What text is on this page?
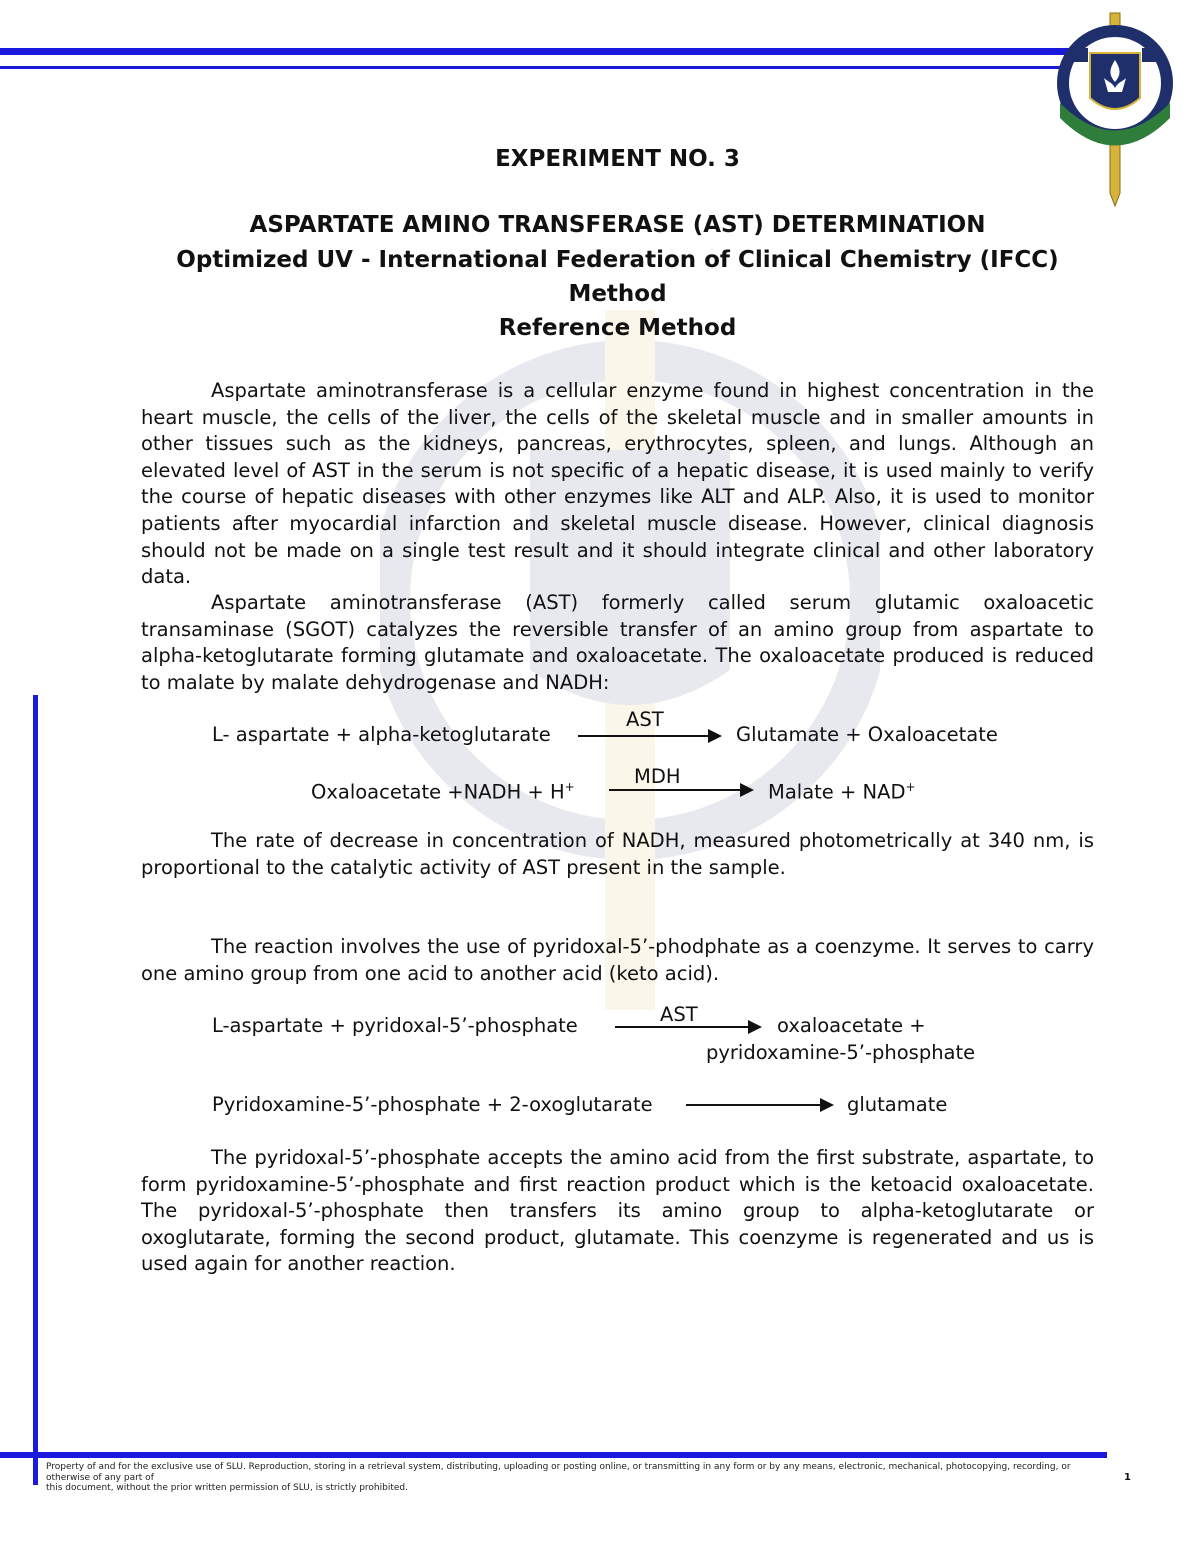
EXPERIMENT NO. 3
ASPARTATE AMINO TRANSFERASE (AST) DETERMINATION
Optimized UV - International Federation of Clinical Chemistry (IFCC)
Method
Reference Method

Aspartate aminotransferase is a cellular enzyme found in highest concentration in the heart muscle, the cells of the liver, the cells of the skeletal muscle and in smaller amounts in other tissues such as the kidneys, pancreas, erythrocytes, spleen, and lungs. Although an elevated level of AST in the serum is not specific of a hepatic disease, it is used mainly to verify the course of hepatic diseases with other enzymes like ALT and ALP. Also, it is used to monitor patients after myocardial infarction and skeletal muscle disease. However, clinical diagnosis should not be made on a single test result and it should integrate clinical and other laboratory data.

Aspartate aminotransferase (AST) formerly called serum glutamic oxaloacetic transaminase (SGOT) catalyzes the reversible transfer of an amino group from aspartate to alpha-ketoglutarate forming glutamate and oxaloacetate. The oxaloacetate produced is reduced to malate by malate dehydrogenase and NADH:

L- aspartate + alpha-ketoglutarate
AST
Glutamate + Oxaloacetate
Oxaloacetate +NADH + H+	MDH
Malate + NAD+

The rate of decrease in concentration of NADH, measured photometrically at 340 nm, is proportional to the catalytic activity of AST present in the sample.

The reaction involves the use of pyridoxal-5’-phodphate as a coenzyme. It serves to carry one amino group from one acid to another acid (keto acid).

L-aspartate + pyridoxal-5’-phosphate	AST	oxaloacetate +
pyridoxamine-5’-phosphate
Pyridoxamine-5’-phosphate + 2-oxoglutarate	glutamate

The pyridoxal-5’-phosphate accepts the amino acid from the first substrate, aspartate, to form pyridoxamine-5’-phosphate and first reaction product which is the ketoacid oxaloacetate. The pyridoxal-5’-phosphate then transfers its amino group to alpha-ketoglutarate or oxoglutarate, forming the second product, glutamate. This coenzyme is regenerated and us is used again for another reaction.

Property of and for the exclusive use of SLU. Reproduction, storing in a retrieval system, distributing, uploading or posting online, or transmitting in any form or by any means, electronic, mechanical, photocopying, recording, or otherwise of any part of
this document, without the prior written permission of SLU, is strictly prohibited.
1
